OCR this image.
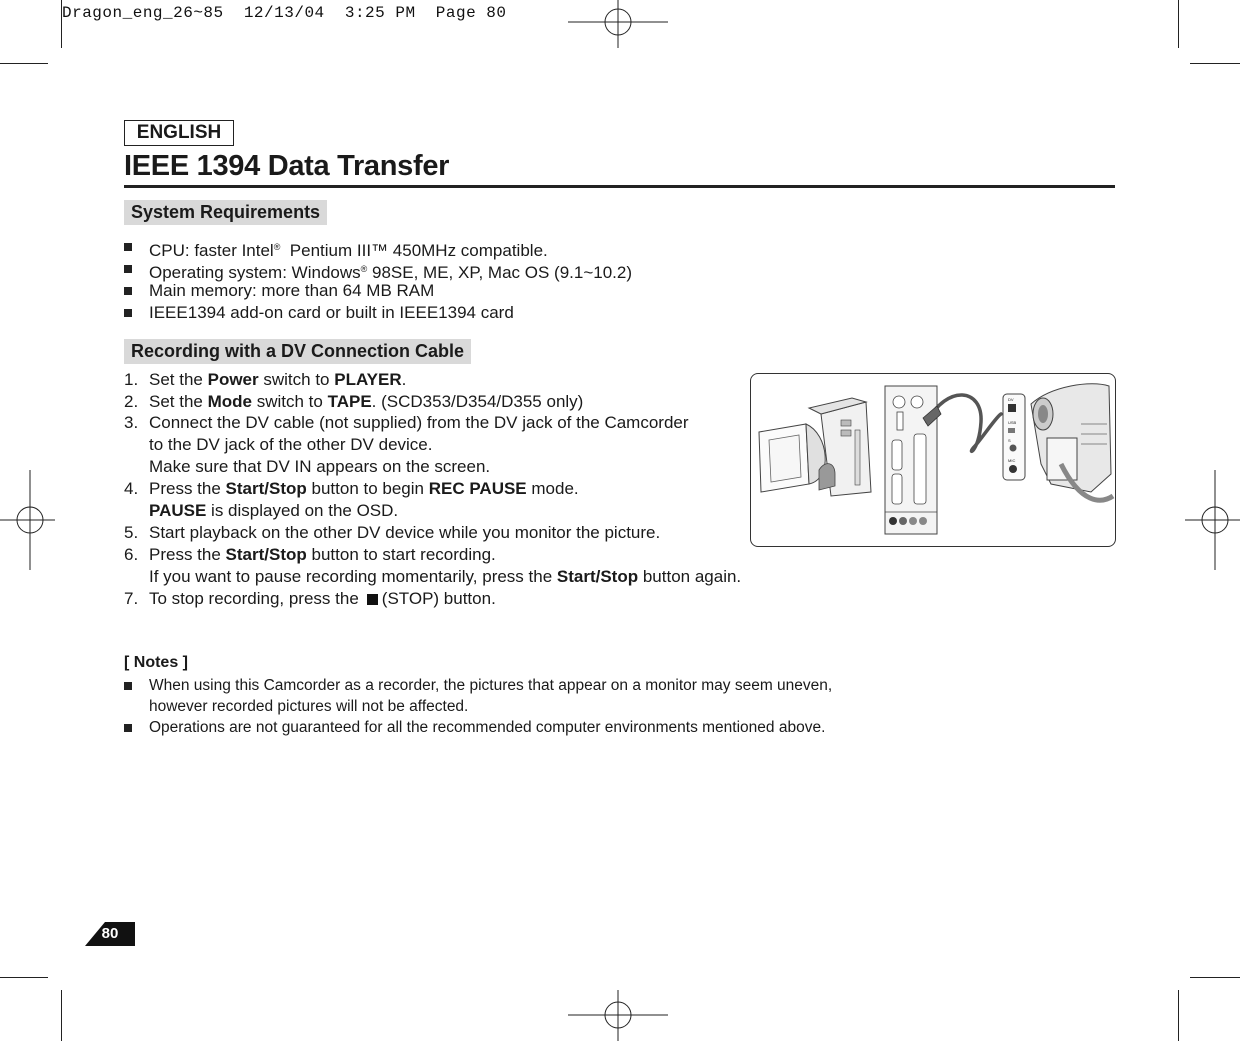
Dragon_eng_26~85  12/13/04  3:25 PM  Page 80
ENGLISH
IEEE 1394 Data Transfer
System Requirements
CPU: faster Intel®  Pentium III™ 450MHz compatible.
Operating system: Windows® 98SE, ME, XP, Mac OS (9.1~10.2)
Main memory: more than 64 MB RAM
IEEE1394 add-on card or built in IEEE1394 card
Recording with a DV Connection Cable
1. Set the Power switch to PLAYER.
2. Set the Mode switch to TAPE. (SCD353/D354/D355 only)
3. Connect the DV cable (not supplied) from the DV jack of the Camcorder
to the DV jack of the other DV device.
Make sure that DV IN appears on the screen.
4. Press the Start/Stop button to begin REC PAUSE mode.
PAUSE is displayed on the OSD.
5. Start playback on the other DV device while you monitor the picture.
6. Press the Start/Stop button to start recording.
If you want to pause recording momentarily, press the Start/Stop button again.
7. To stop recording, press the (STOP) button.
DV
USB
S
MIC
[ Notes ]
When using this Camcorder as a recorder, the pictures that appear on a monitor may seem uneven,
however recorded pictures will not be affected.
Operations are not guaranteed for all the recommended computer environments mentioned above.
80
